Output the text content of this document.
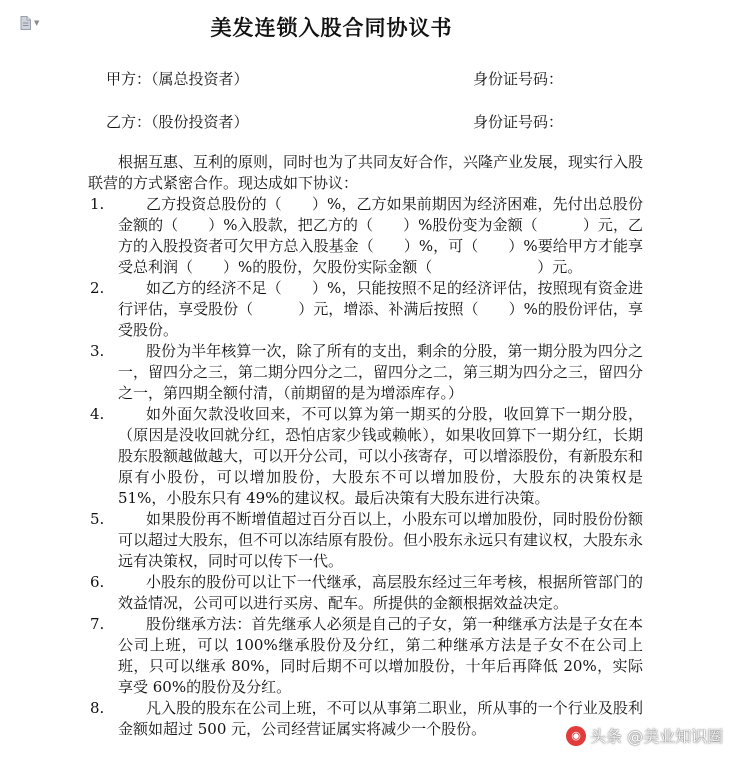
▼	美发连锁入股合同协议书
甲方：（属总投资者）	身份证号码：
乙方：（股份投资者）	身份证号码：
根据互惠、互利的原则，同时也为了共同友好合作，兴隆产业发展，现实行入股联营的方式紧密合作。现达成如下协议：
1.	乙方投资总股份的（　　）%，乙方如果前期因为经济困难，先付出总股份金额的（　　）%入股款，把乙方的（　　）%股份变为金额（　　　）元，乙方的入股投资者可欠甲方总入股基金（　　）%，可（　　）%要给甲方才能享受总利润（　　）%的股份，欠股份实际金额（　　　　　　　）元。
2.	如乙方的经济不足（　　）%，只能按照不足的经济评估，按照现有资金进行评估，享受股份（　　　）元，增添、补满后按照（　　）%的股份评估，享受股份。
3.	股份为半年核算一次，除了所有的支出，剩余的分股，第一期分股为四分之一，留四分之三，第二期分四分之二，留四分之二，第三期为四分之三，留四分之一，第四期全额付清，（前期留的是为增添库存。）
4.	如外面欠款没收回来，不可以算为第一期买的分股，收回算下一期分股，（原因是没收回就分红，恐怕店家少钱或赖帐），如果收回算下一期分红，长期股东股额越做越大，可以开分公司，可以小孩寄存，可以增添股份，有新股东和原有小股份，可以增加股份，大股东不可以增加股份，大股东的决策权是 51%，小股东只有 49%的建议权。最后决策有大股东进行决策。
5.	如果股份再不断增值超过百分百以上，小股东可以增加股份，同时股份份额可以超过大股东，但不可以冻结原有股份。但小股东永远只有建议权，大股东永远有决策权，同时可以传下一代。
6.	小股东的股份可以让下一代继承，高层股东经过三年考核，根据所管部门的效益情况，公司可以进行买房、配车。所提供的金额根据效益决定。
7.	股份继承方法：首先继承人必须是自己的子女，第一种继承方法是子女在本公司上班，可以 100%继承股份及分红，第二种继承方法是子女不在公司上班，只可以继承 80%，同时后期不可以增加股份，十年后再降低 20%，实际享受 60%的股份及分红。
8.	凡入股的股东在公司上班，不可以从事第二职业，所从事的一个行业及股利金额如超过 500 元，公司经营证属实将减少一个股份。	◉ 头条 @美业知识圈
